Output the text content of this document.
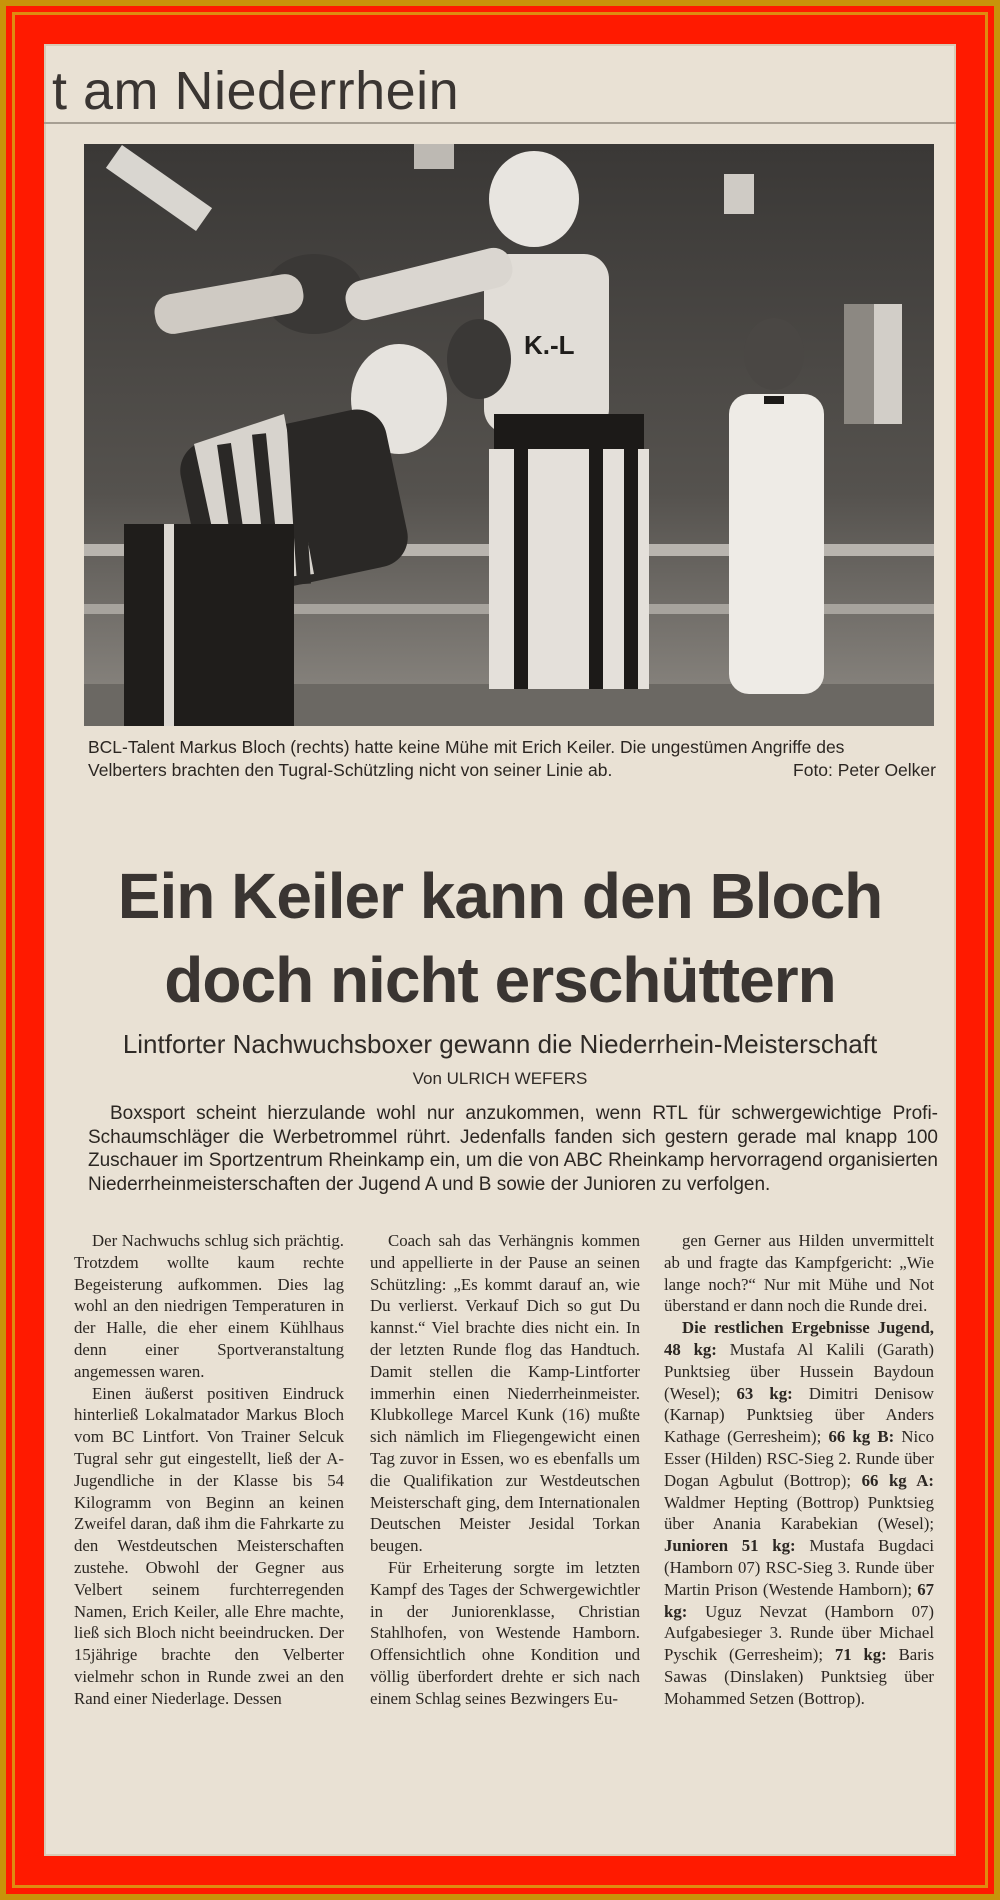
t am Niederrhein
K.-L
BCL-Talent Markus Bloch (rechts) hatte keine Mühe mit Erich Keiler. Die ungestümen Angriffe des
Velberters brachten den Tugral-Schützling nicht von seiner Linie ab.	Foto: Peter Oelker
Ein Keiler kann den Bloch
doch nicht erschüttern
Lintforter Nachwuchsboxer gewann die Niederrhein-Meisterschaft
Von ULRICH WEFERS
Boxsport scheint hierzulande wohl nur anzukommen, wenn RTL für schwergewichtige Profi-Schaumschläger die Werbetrommel rührt. Jedenfalls fanden sich gestern gerade mal knapp 100 Zuschauer im Sportzentrum Rheinkamp ein, um die von ABC Rheinkamp hervorragend organisierten Niederrheinmeisterschaften der Jugend A und B sowie der Junioren zu verfolgen.

Der Nachwuchs schlug sich prächtig. Trotzdem wollte kaum rechte Begeisterung aufkommen. Dies lag wohl an den niedrigen Temperaturen in der Halle, die eher einem Kühlhaus denn einer Sportveranstaltung angemessen waren.

Einen äußerst positiven Eindruck hinterließ Lokalmatador Markus Bloch vom BC Lintfort. Von Trainer Selcuk Tugral sehr gut eingestellt, ließ der A-Jugendliche in der Klasse bis 54 Kilogramm von Beginn an keinen Zweifel daran, daß ihm die Fahrkarte zu den Westdeutschen Meisterschaften zustehe. Obwohl der Gegner aus Velbert seinem furchterregenden Namen, Erich Keiler, alle Ehre machte, ließ sich Bloch nicht beeindrucken. Der 15jährige brachte den Velberter vielmehr schon in Runde zwei an den Rand einer Niederlage. Dessen

Coach sah das Verhängnis kommen und appellierte in der Pause an seinen Schützling: „Es kommt darauf an, wie Du verlierst. Verkauf Dich so gut Du kannst.“ Viel brachte dies nicht ein. In der letzten Runde flog das Handtuch. Damit stellen die Kamp-Lintforter immerhin einen Niederrheinmeister. Klubkollege Marcel Kunk (16) mußte sich nämlich im Fliegengewicht einen Tag zuvor in Essen, wo es ebenfalls um die Qualifikation zur Westdeutschen Meisterschaft ging, dem Internationalen Deutschen Meister Jesidal Torkan beugen.

Für Erheiterung sorgte im letzten Kampf des Tages der Schwergewichtler in der Juniorenklasse, Christian Stahlhofen, von Westende Hamborn. Offensichtlich ohne Kondition und völlig überfordert drehte er sich nach einem Schlag seines Bezwingers Eu-

gen Gerner aus Hilden unvermittelt ab und fragte das Kampfgericht: „Wie lange noch?“ Nur mit Mühe und Not überstand er dann noch die Runde drei.

Die restlichen Ergebnisse Jugend, 48 kg: Mustafa Al Kalili (Garath) Punktsieg über Hussein Baydoun (Wesel); 63 kg: Dimitri Denisow (Karnap) Punktsieg über Anders Kathage (Gerresheim); 66 kg B: Nico Esser (Hilden) RSC-Sieg 2. Runde über Dogan Agbulut (Bottrop); 66 kg A: Waldmer Hepting (Bottrop) Punktsieg über Anania Karabekian (Wesel); Junioren 51 kg: Mustafa Bugdaci (Hamborn 07) RSC-Sieg 3. Runde über Martin Prison (Westende Hamborn); 67 kg: Uguz Nevzat (Hamborn 07) Aufgabesieger 3. Runde über Michael Pyschik (Gerresheim); 71 kg: Baris Sawas (Dinslaken) Punktsieg über Mohammed Setzen (Bottrop).
